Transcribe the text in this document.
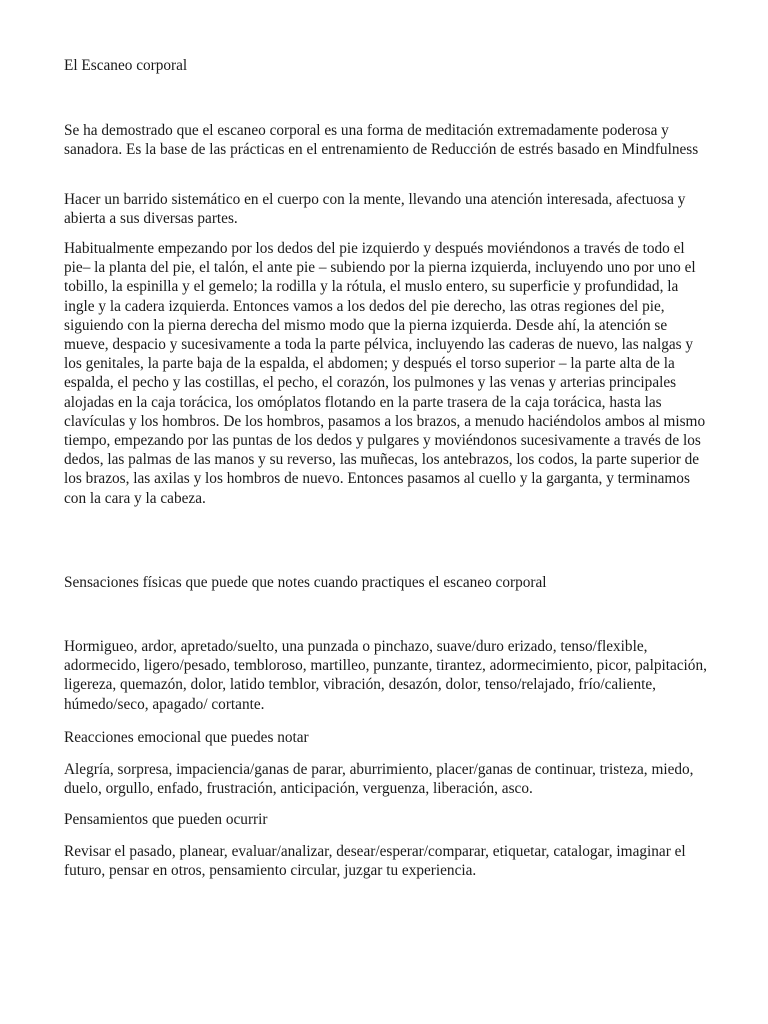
El Escaneo corporal

Se ha demostrado que el escaneo corporal es una forma de meditación extremadamente poderosa y sanadora. Es la base de las prácticas en el entrenamiento de Reducción de estrés basado en Mindfulness

Hacer un barrido sistemático en el cuerpo con la mente, llevando una atención interesada, afectuosa y abierta a sus diversas partes.

Habitualmente empezando por los dedos del pie izquierdo y después moviéndonos a través de todo el pie– la planta del pie, el talón, el ante pie – subiendo por la pierna izquierda, incluyendo uno por uno el tobillo, la espinilla y el gemelo; la rodilla y la rótula, el muslo entero, su superficie y profundidad, la ingle y la cadera izquierda. Entonces vamos a los dedos del pie derecho, las otras regiones del pie, siguiendo con la pierna derecha del mismo modo que la pierna izquierda. Desde ahí, la atención se mueve, despacio y sucesivamente a toda la parte pélvica, incluyendo las caderas de nuevo, las nalgas y los genitales, la parte baja de la espalda, el abdomen; y después el torso superior – la parte alta de la espalda, el pecho y las costillas, el pecho, el corazón, los pulmones y las venas y arterias principales alojadas en la caja torácica, los omóplatos flotando en la parte trasera de la caja torácica, hasta las clavículas y los hombros. De los hombros, pasamos a los brazos, a menudo haciéndolos ambos al mismo tiempo, empezando por las puntas de los dedos y pulgares y moviéndonos sucesivamente a través de los dedos, las palmas de las manos y su reverso, las muñecas, los antebrazos, los codos, la parte superior de los brazos, las axilas y los hombros de nuevo. Entonces pasamos al cuello y la garganta, y terminamos con la cara y la cabeza.

Sensaciones físicas que puede que notes cuando practiques el escaneo corporal

Hormigueo, ardor, apretado/suelto, una punzada o pinchazo, suave/duro erizado, tenso/flexible, adormecido, ligero/pesado, tembloroso, martilleo, punzante, tirantez, adormecimiento, picor, palpitación, ligereza, quemazón, dolor, latido temblor, vibración, desazón, dolor, tenso/relajado, frío/caliente, húmedo/seco, apagado/ cortante.

Reacciones emocional que puedes notar

Alegría, sorpresa, impaciencia/ganas de parar, aburrimiento, placer/ganas de continuar, tristeza, miedo, duelo, orgullo, enfado, frustración, anticipación, verguenza, liberación, asco.

Pensamientos que pueden ocurrir

Revisar el pasado, planear, evaluar/analizar, desear/esperar/comparar, etiquetar, catalogar, imaginar el futuro, pensar en otros, pensamiento circular, juzgar tu experiencia.
